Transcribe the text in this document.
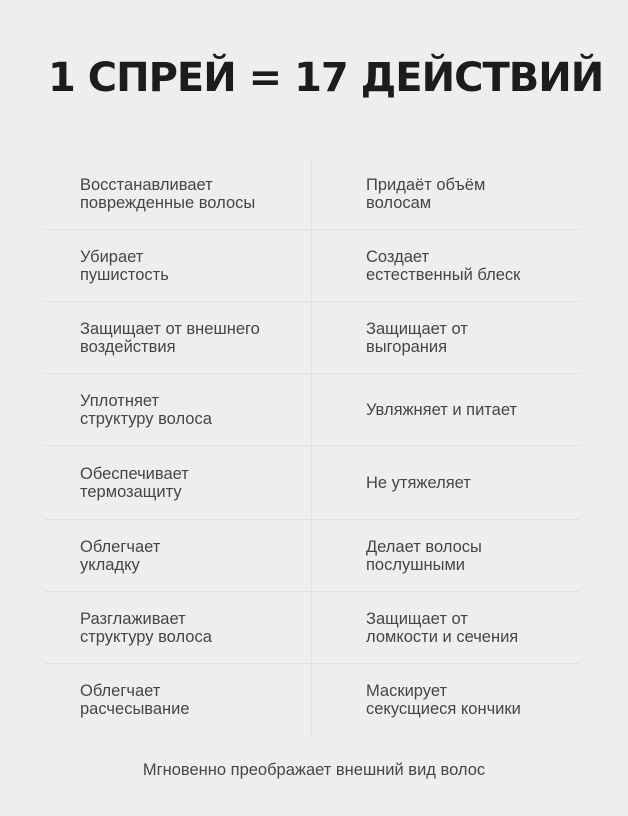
1 СПРЕЙ = 17 ДЕЙСТВИЙ
Восстанавливает
поврежденные волосы
Придаёт объём
волосам
Убирает
пушистость
Создает
естественный блеск
Защищает от внешнего
воздействия
Защищает от
выгорания
Уплотняет
структуру волоса	Увляжняет и питает
Обеспечивает
термозащиту	Не утяжеляет
Облегчает
укладку
Делает волосы
послушными
Разглаживает
структуру волоса
Защищает от
ломкости и сечения
Облегчает
расчесывание
Маскирует
секусщиеся кончики
Мгновенно преображает внешний вид волос
